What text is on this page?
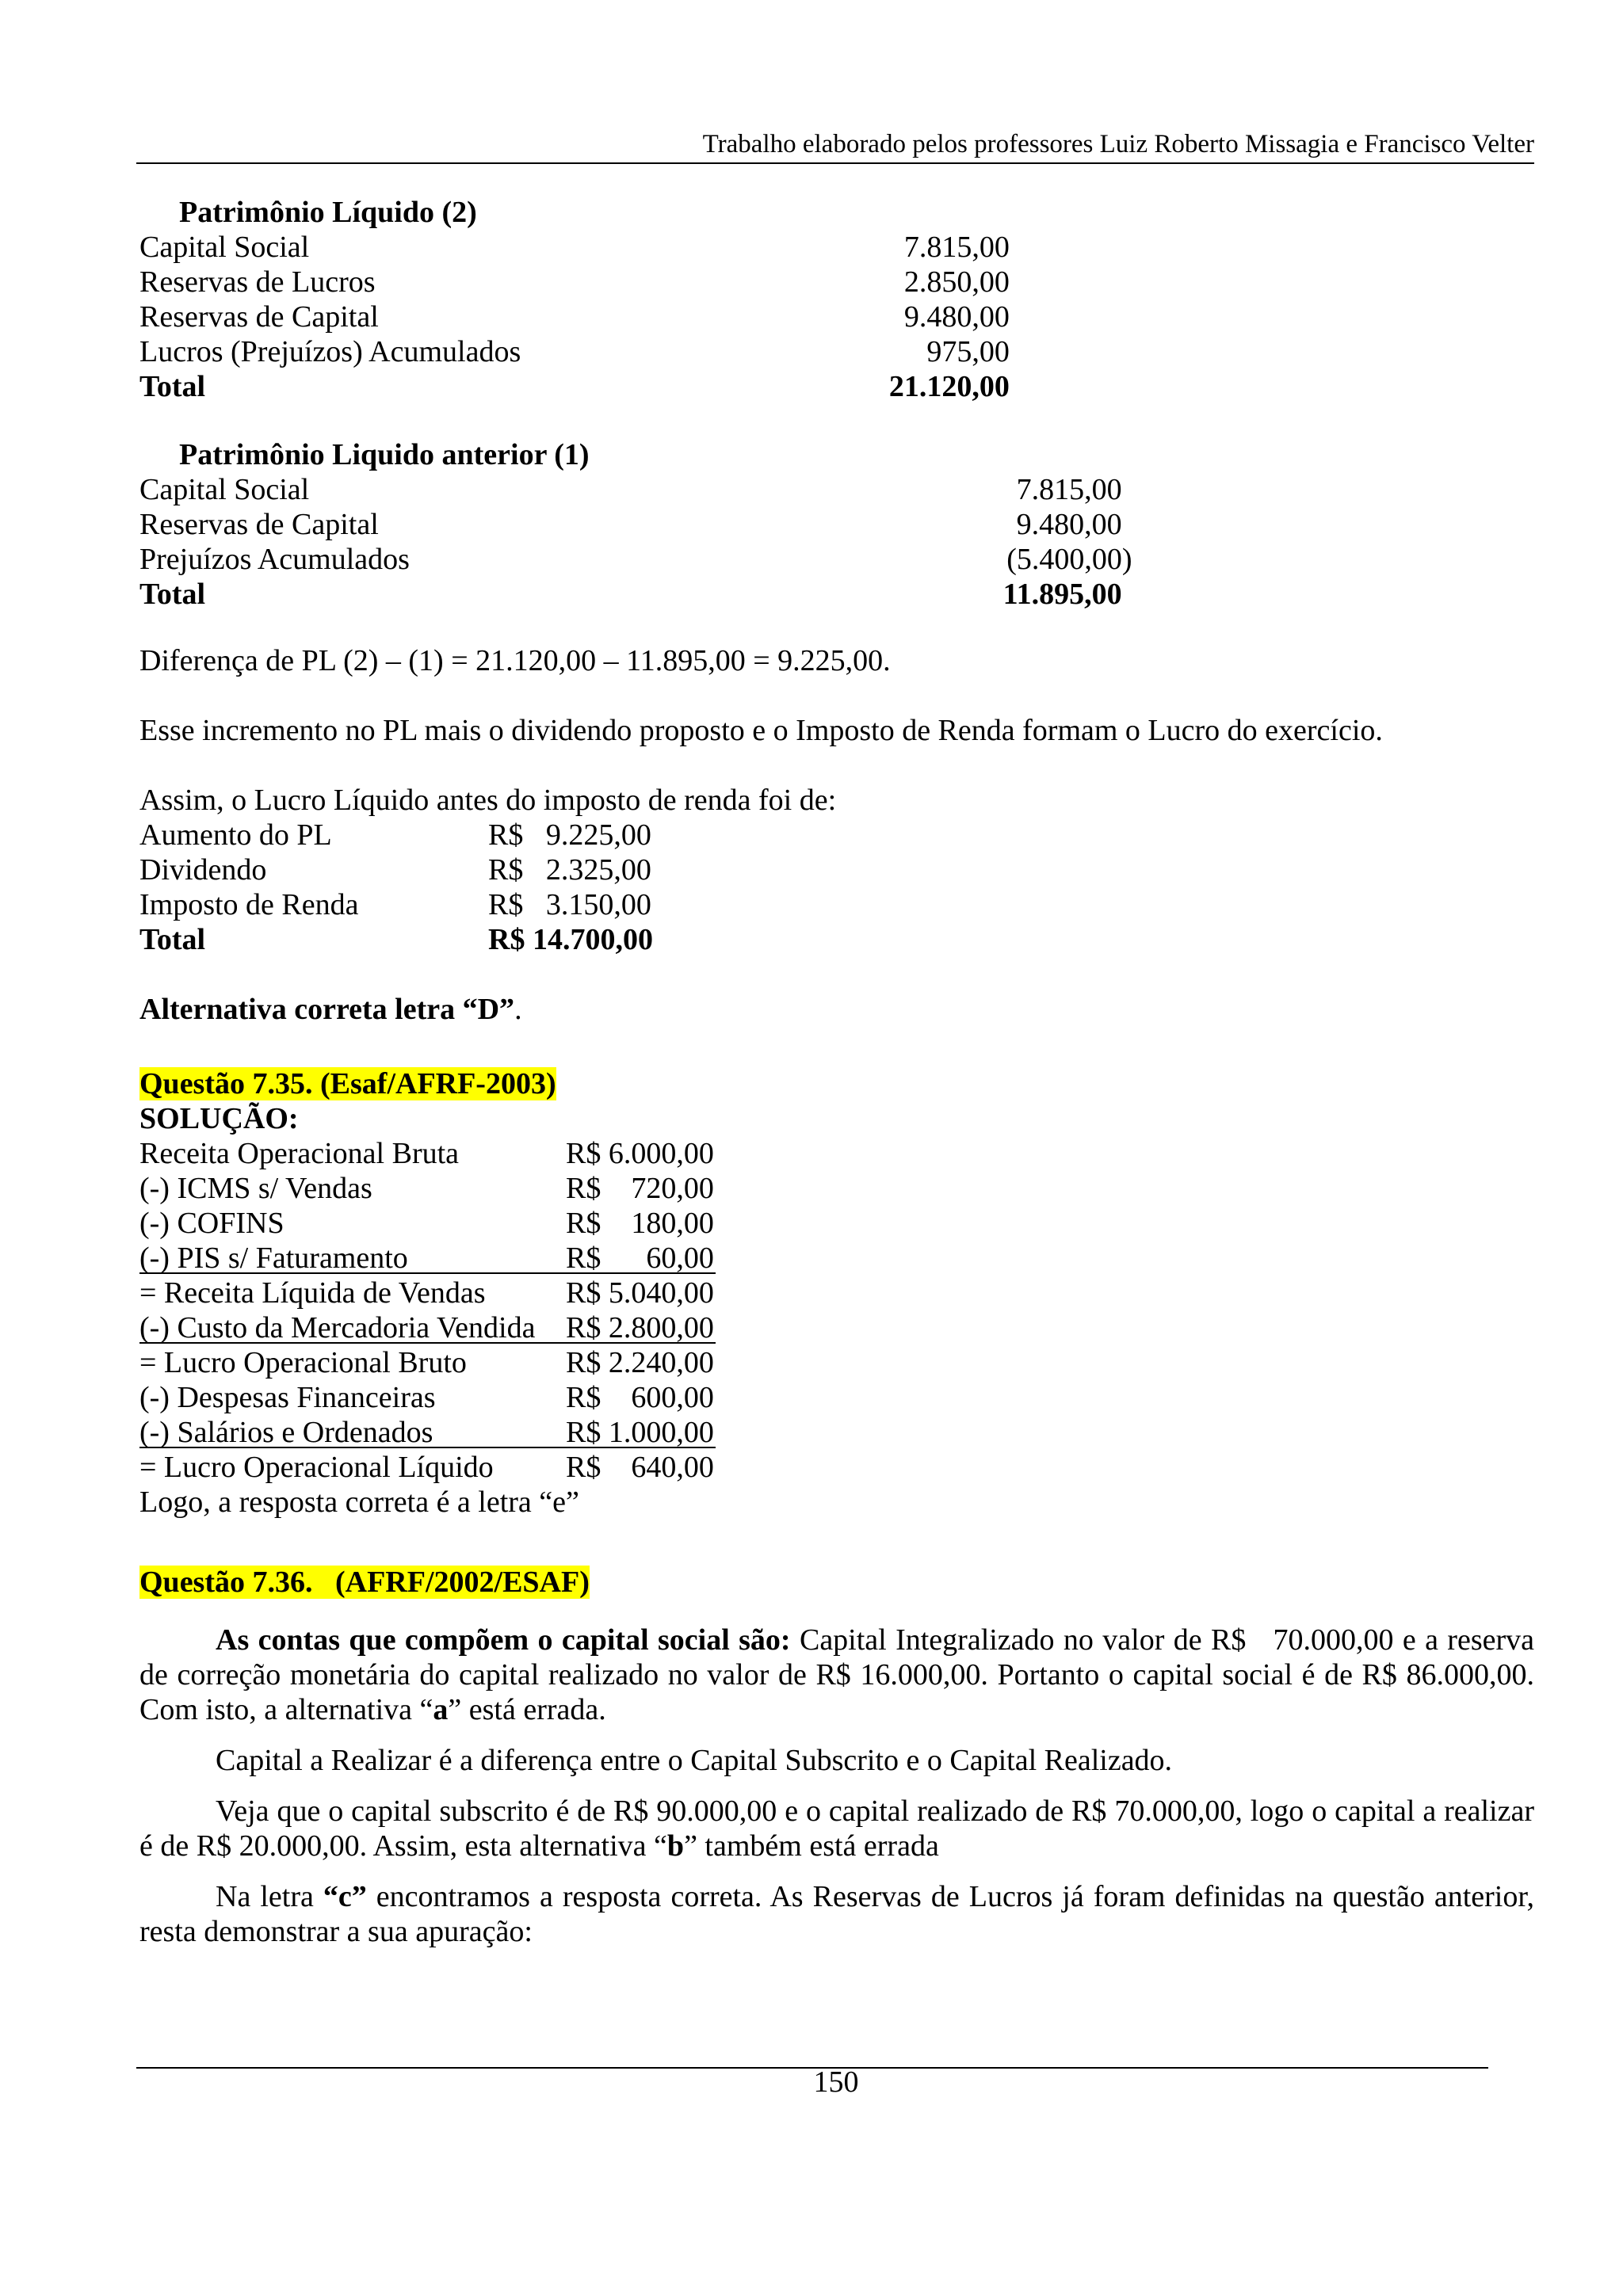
Trabalho elaborado pelos professores Luiz Roberto Missagia e Francisco Velter
Patrimônio Líquido (2)
Capital Social	7.815,00
Reservas de Lucros	2.850,00
Reservas de Capital	9.480,00
Lucros (Prejuízos) Acumulados	975,00
Total	21.120,00
Patrimônio Liquido anterior (1)
Capital Social	7.815,00
Reservas de Capital	9.480,00
Prejuízos Acumulados	(5.400,00)
Total	11.895,00
Diferença de PL (2) – (1) = 21.120,00 – 11.895,00 = 9.225,00.
Esse incremento no PL mais o dividendo proposto e o Imposto de Renda formam o Lucro do exercício.
Assim, o Lucro Líquido antes do imposto de renda foi de:
Aumento do PL	R$   9.225,00
Dividendo	R$   2.325,00
Imposto de Renda	R$   3.150,00
Total	R$ 14.700,00
Alternativa correta letra “D”.
Questão 7.35. (Esaf/AFRF-2003)
SOLUÇÃO:
Receita Operacional Bruta	R$ 6.000,00
(-) ICMS s/ Vendas	R$    720,00
(-) COFINS	R$    180,00
(-) PIS s/ Faturamento	R$      60,00
= Receita Líquida de Vendas	R$ 5.040,00
(-) Custo da Mercadoria Vendida R$ 2.800,00
= Lucro Operacional Bruto	R$ 2.240,00
(-) Despesas Financeiras	R$    600,00
(-) Salários e Ordenados	R$ 1.000,00
= Lucro Operacional Líquido R$    640,00
Logo, a resposta correta é a letra “e”
Questão 7.36.   (AFRF/2002/ESAF)
As contas que compõem o capital social são: Capital Integralizado no valor de R$   70.000,00 e a reserva de correção monetária do capital realizado no valor de R$ 16.000,00. Portanto o capital social é de R$ 86.000,00. Com isto, a alternativa “a” está errada.
Capital a Realizar é a diferença entre o Capital Subscrito e o Capital Realizado.
Veja que o capital subscrito é de R$ 90.000,00 e o capital realizado de R$ 70.000,00, logo o capital a realizar é de R$ 20.000,00. Assim, esta alternativa “b” também está errada
Na letra “c” encontramos a resposta correta. As Reservas de Lucros já foram definidas na questão anterior, resta demonstrar a sua apuração:
150
